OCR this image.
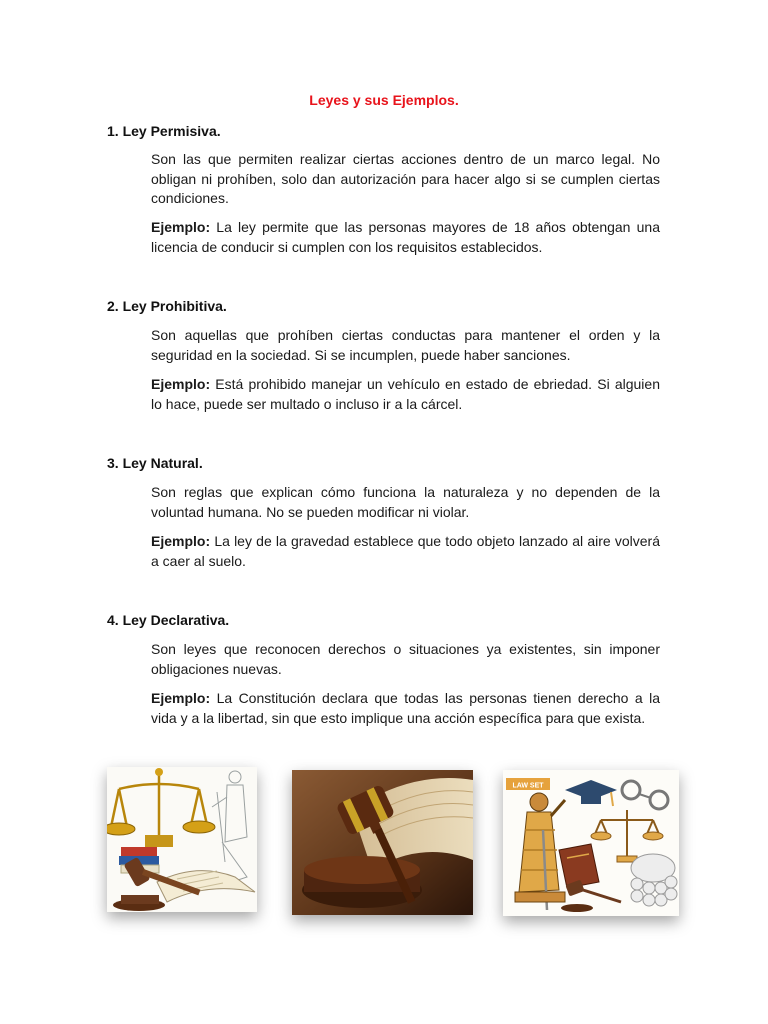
Leyes y sus Ejemplos.
1. Ley Permisiva.
Son las que permiten realizar ciertas acciones dentro de un marco legal. No obligan ni prohíben, solo dan autorización para hacer algo si se cumplen ciertas condiciones.
Ejemplo: La ley permite que las personas mayores de 18 años obtengan una licencia de conducir si cumplen con los requisitos establecidos.
2. Ley Prohibitiva.
Son aquellas que prohíben ciertas conductas para mantener el orden y la seguridad en la sociedad. Si se incumplen, puede haber sanciones.
Ejemplo: Está prohibido manejar un vehículo en estado de ebriedad. Si alguien lo hace, puede ser multado o incluso ir a la cárcel.
3. Ley Natural.
Son reglas que explican cómo funciona la naturaleza y no dependen de la voluntad humana. No se pueden modificar ni violar.
Ejemplo: La ley de la gravedad establece que todo objeto lanzado al aire volverá a caer al suelo.
4. Ley Declarativa.
Son leyes que reconocen derechos o situaciones ya existentes, sin imponer obligaciones nuevas.
Ejemplo: La Constitución declara que todas las personas tienen derecho a la vida y a la libertad, sin que esto implique una acción específica para que exista.
LAW SET
